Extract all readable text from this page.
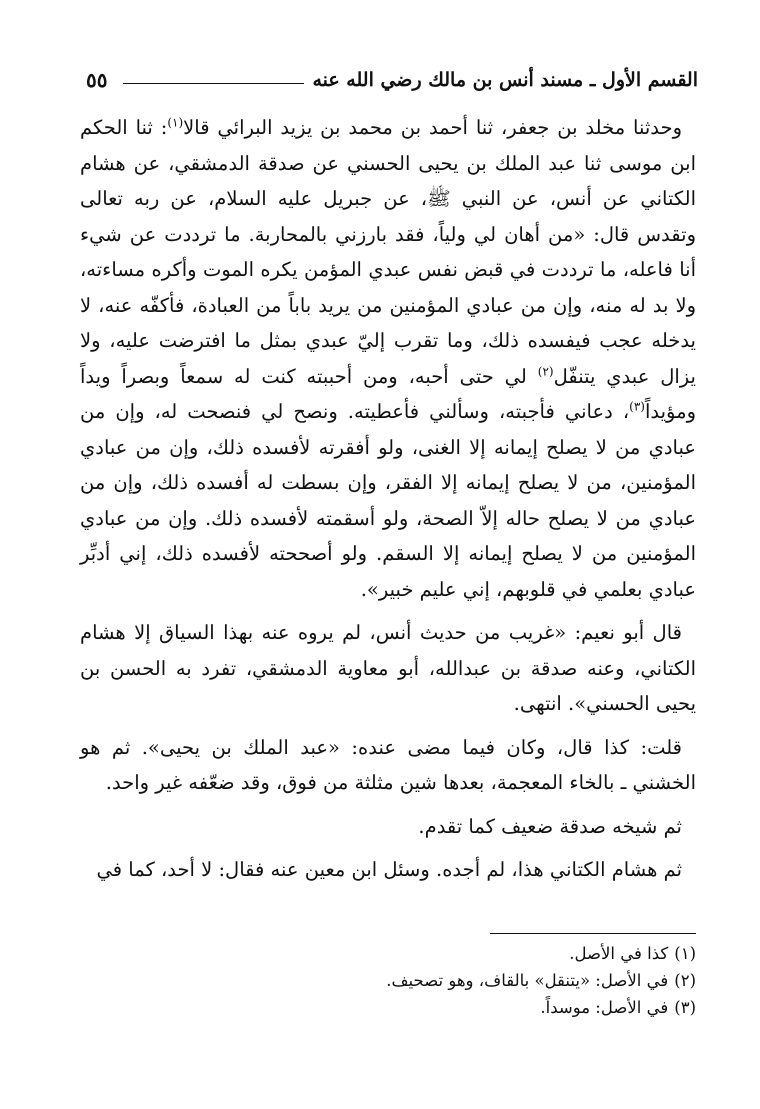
٥٥	القسم الأول ـ مسند أنس بن مالك رضي الله عنه

وحدثنا مخلد بن جعفر، ثنا أحمد بن محمد بن يزيد البرائي قالا$^{(١)}$: ثنا الحكم ابن موسى ثنا عبد الملك بن يحيى الحسني عن صدقة الدمشقي، عن هشام الكتاني عن أنس، عن النبي ﷺ، عن جبريل عليه السلام، عن ربه تعالى وتقدس قال: «من أهان لي ولياً، فقد بارزني بالمحاربة. ما ترددت عن شيء أنا فاعله، ما ترددت في قبض نفس عبدي المؤمن يكره الموت وأكره مساءته، ولا بد له منه، وإن من عبادي المؤمنين من يريد باباً من العبادة، فأكفّه عنه، لا يدخله عجب فيفسده ذلك، وما تقرب إليّ عبدي بمثل ما افترضت عليه، ولا يزال عبدي يتنفّل$^{(٢)}$ لي حتى أحبه، ومن أحببته كنت له سمعاً وبصراً ويداً ومؤيداً$^{(٣)}$، دعاني فأجبته، وسألني فأعطيته. ونصح لي فنصحت له، وإن من عبادي من لا يصلح إيمانه إلا الغنى، ولو أفقرته لأفسده ذلك، وإن من عبادي المؤمنين، من لا يصلح إيمانه إلا الفقر، وإن بسطت له أفسده ذلك، وإن من عبادي من لا يصلح حاله إلاّ الصحة، ولو أسقمته لأفسده ذلك. وإن من عبادي المؤمنين من لا يصلح إيمانه إلا السقم. ولو أصححته لأفسده ذلك، إني أدبِّر عبادي بعلمي في قلوبهم، إني عليم خبير».

قال أبو نعيم: «غريب من حديث أنس، لم يروه عنه بهذا السياق إلا هشام الكتاني، وعنه صدقة بن عبدالله، أبو معاوية الدمشقي، تفرد به الحسن بن يحيى الحسني». انتهى.

قلت: كذا قال، وكان فيما مضى عنده: «عبد الملك بن يحيى». ثم هو الخشني ـ بالخاء المعجمة، بعدها شين مثلثة من فوق، وقد ضعّفه غير واحد.

ثم شيخه صدقة ضعيف كما تقدم.

ثم هشام الكتاني هذا، لم أجده. وسئل ابن معين عنه فقال: لا أحد، كما في

(١)كذا في الأصل.
(٢)في الأصل: «يتنقل» بالقاف، وهو تصحيف.
(٣)في الأصل: موسداً.
